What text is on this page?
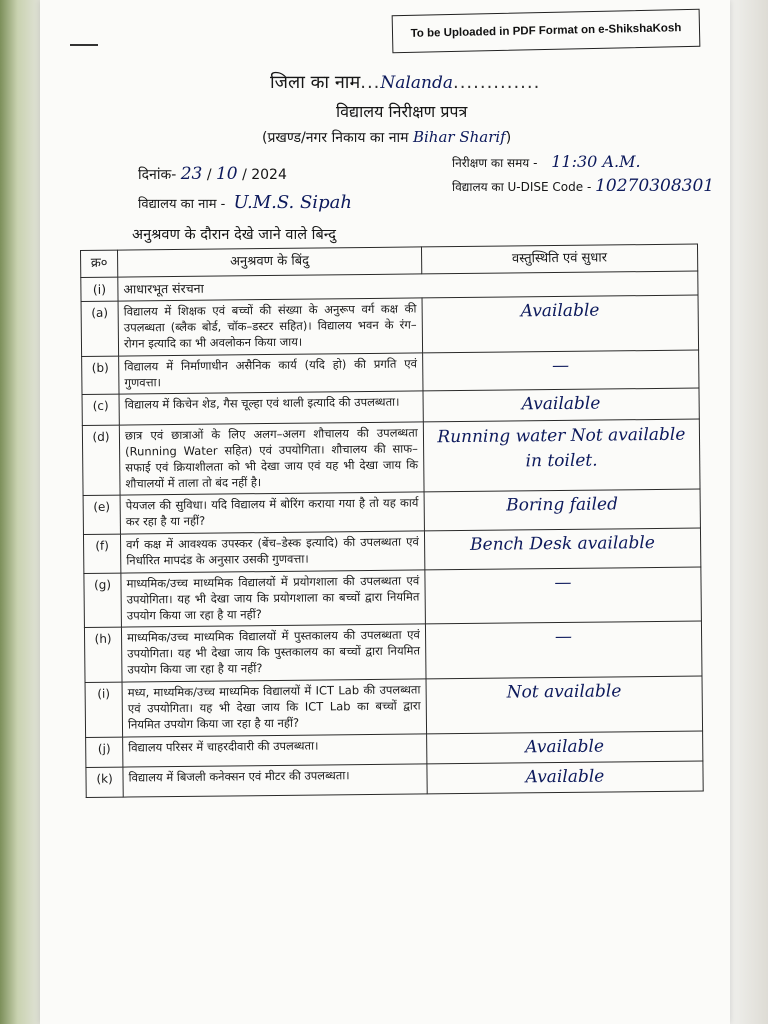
To be Uploaded in PDF Format on e-ShikshaKosh
जिला का नाम...Nalanda.............
विद्यालय निरीक्षण प्रपत्र
(प्रखण्ड/नगर निकाय का नाम Bihar Sharif)
दिनांक- 23 / 10 / 2024
निरीक्षण का समय - 11:30 A.M.
विद्यालय का नाम - U.M.S. Sipah
विद्यालय का U-DISE Code - 10270308301
अनुश्रवण के दौरान देखे जाने वाले बिन्दु
क्र०	अनुश्रवण के बिंदु	वस्तुस्थिति एवं सुधार
(i)	आधारभूत संरचना	
(a)	विद्यालय में शिक्षक एवं बच्चों की संख्या के अनुरूप वर्ग कक्ष की उपलब्धता (ब्लैक बोर्ड, चॉक–डस्टर सहित)। विद्यालय भवन के रंग–रोगन इत्यादि का भी अवलोकन किया जाय।	Available

(b)	विद्यालय में निर्माणाधीन असैनिक कार्य (यदि हो) की प्रगति एवं गुणवत्ता।	—

(c)	विद्यालय में किचेन शेड, गैस चूल्हा एवं थाली इत्यादि की उपलब्धता।	Available

(d)	छात्र एवं छात्राओं के लिए अलग–अलग शौचालय की उपलब्धता (Running Water सहित) एवं उपयोगिता। शौचालय की साफ–सफाई एवं क्रियाशीलता को भी देखा जाय एवं यह भी देखा जाय कि शौचालयों में ताला तो बंद नहीं है।	Running water Not available in toilet.

(e)	पेयजल की सुविधा। यदि विद्यालय में बोरिंग कराया गया है तो यह कार्य कर रहा है या नहीं?	Boring failed

(f)	वर्ग कक्ष में आवश्यक उपस्कर (बेंच–डेस्क इत्यादि) की उपलब्धता एवं निर्धारित मापदंड के अनुसार उसकी गुणवत्ता।	Bench Desk available

(g)	माध्यमिक/उच्च माध्यमिक विद्यालयों में प्रयोगशाला की उपलब्धता एवं उपयोगिता। यह भी देखा जाय कि प्रयोगशाला का बच्चों द्वारा नियमित उपयोग किया जा रहा है या नहीं?	—

(h)	माध्यमिक/उच्च माध्यमिक विद्यालयों में पुस्तकालय की उपलब्धता एवं उपयोगिता। यह भी देखा जाय कि पुस्तकालय का बच्चों द्वारा नियमित उपयोग किया जा रहा है या नहीं?	—

(i)	मध्य, माध्यमिक/उच्च माध्यमिक विद्यालयों में ICT Lab की उपलब्धता एवं उपयोगिता। यह भी देखा जाय कि ICT Lab का बच्चों द्वारा नियमित उपयोग किया जा रहा है या नहीं?	Not available

(j)	विद्यालय परिसर में चाहरदीवारी की उपलब्धता।	Available

(k)	विद्यालय में बिजली कनेक्सन एवं मीटर की उपलब्धता।	Available
